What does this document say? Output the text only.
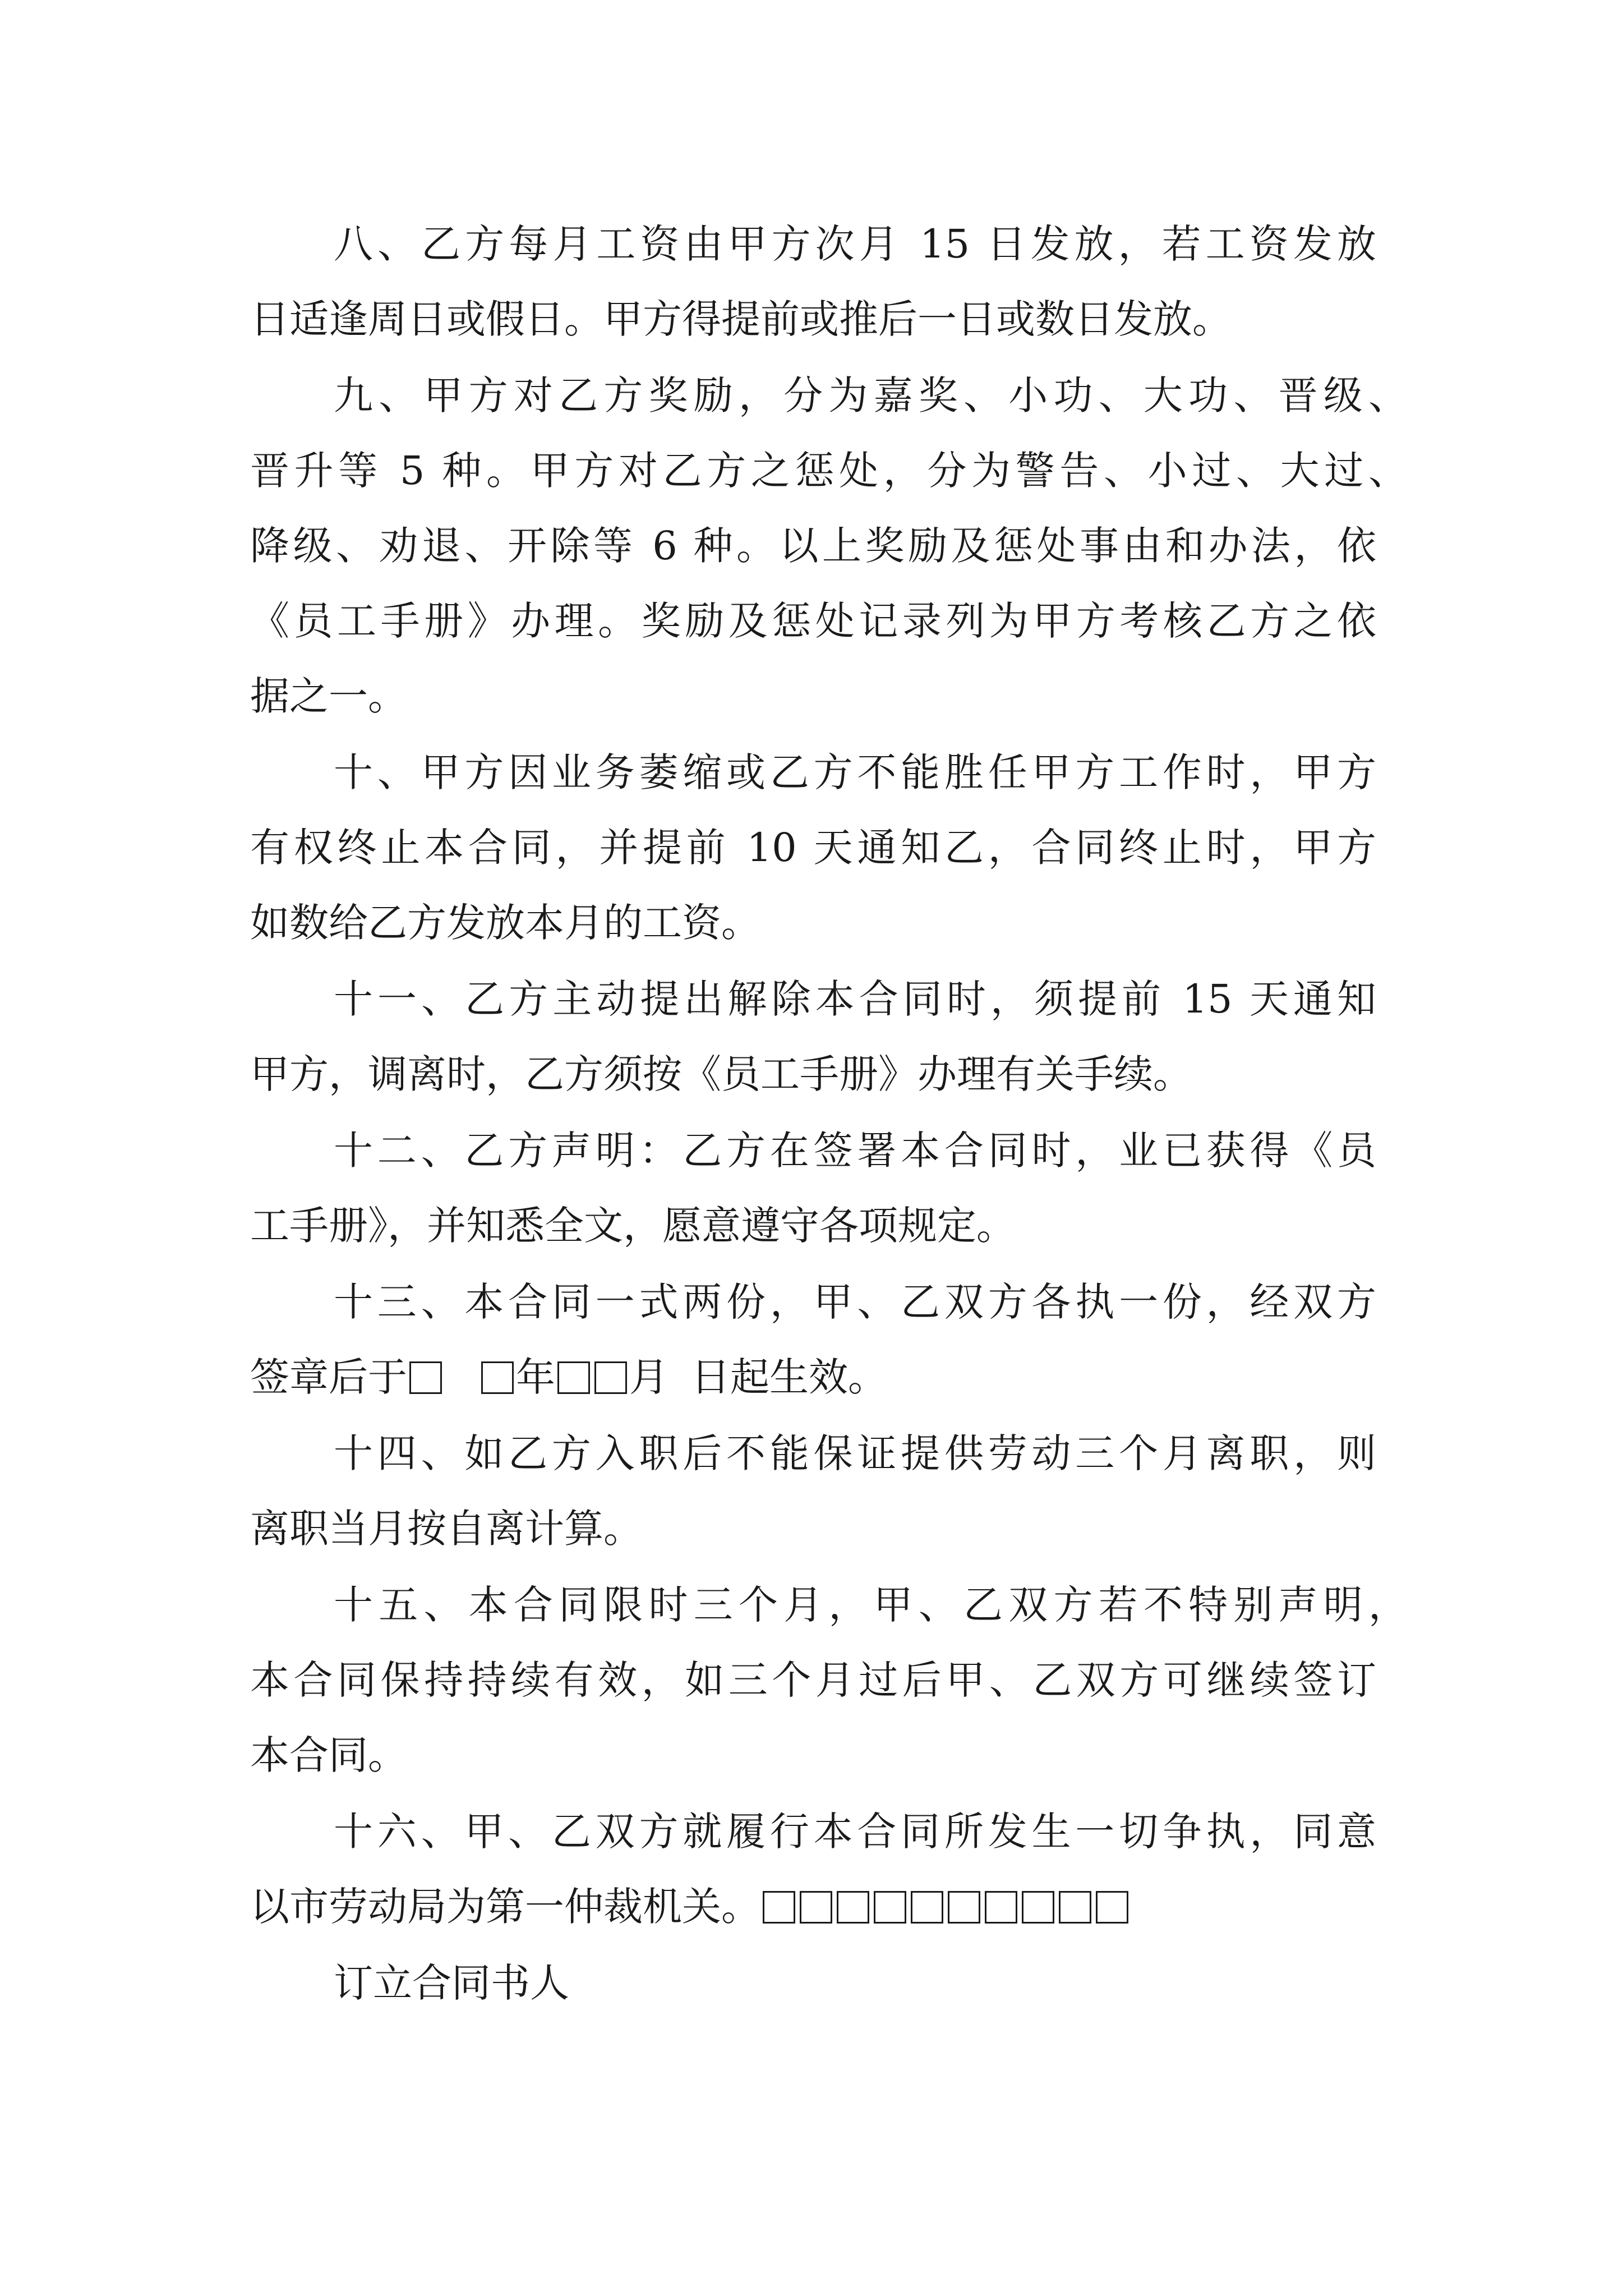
八、乙方每月工资由甲方次月 15 日发放，若工资发放
日适逢周日或假日。甲方得提前或推后一日或数日发放。
九、甲方对乙方奖励，分为嘉奖、小功、大功、晋级、
晋升等 5 种。甲方对乙方之惩处，分为警告、小过、大过、
降级、劝退、开除等 6 种。以上奖励及惩处事由和办法，依
《员工手册》办理。奖励及惩处记录列为甲方考核乙方之依
据之一。
十、甲方因业务萎缩或乙方不能胜任甲方工作时，甲方
有权终止本合同，并提前 10 天通知乙，合同终止时，甲方
如数给乙方发放本月的工资。
十一、乙方主动提出解除本合同时，须提前 15 天通知
甲方，调离时，乙方须按《员工手册》办理有关手续。
十二、乙方声明：乙方在签署本合同时，业已获得《员
工手册》，并知悉全文，愿意遵守各项规定。
十三、本合同一式两份，甲、乙双方各执一份，经双方
签章后于	年 月 日起生效。
十四、如乙方入职后不能保证提供劳动三个月离职，则
离职当月按自离计算。
十五、本合同限时三个月，甲、乙双方若不特别声明，
本合同保持持续有效，如三个月过后甲、乙双方可继续签订
本合同。
十六、甲、乙双方就履行本合同所发生一切争执，同意
以市劳动局为第一仲裁机关。
订立合同书人
